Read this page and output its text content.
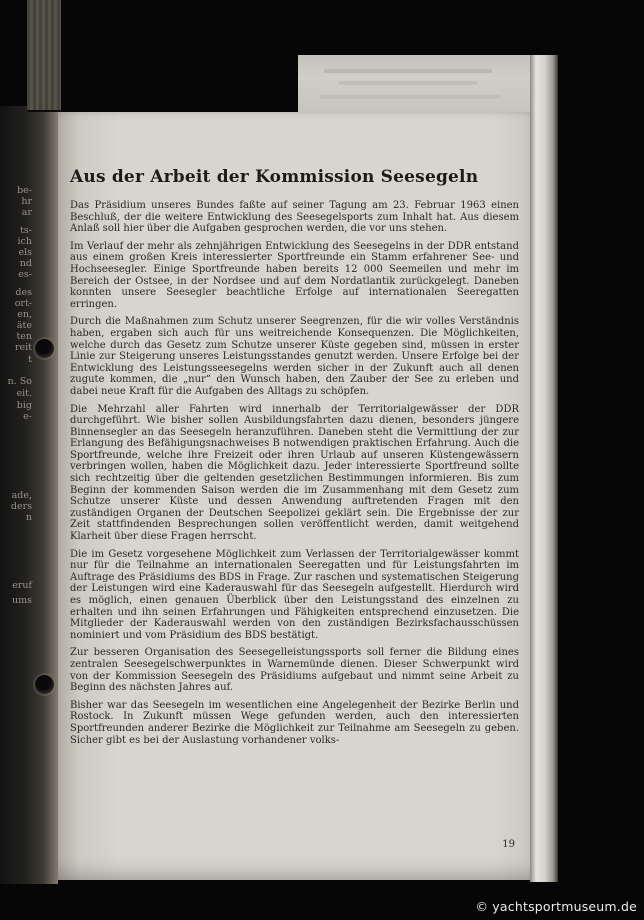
be-
hr
ar
ts-
ich
els
nd
es-
des
ort-
en,
äte
ten
reit
t
n. So
eit.
big
e-
ade,
ders
n
eruf
ums
Aus der Arbeit der Kommission Seesegeln

Das Präsidium unseres Bundes faßte auf seiner Tagung am 23. Februar 1963 einen Beschluß, der die weitere Entwicklung des Seesegelsports zum Inhalt hat. Aus diesem Anlaß soll hier über die Aufgaben gesprochen werden, die vor uns stehen.

Im Verlauf der mehr als zehnjährigen Entwicklung des Seesegelns in der DDR entstand aus einem großen Kreis interessierter Sportfreunde ein Stamm erfahrener See- und Hochseesegler. Einige Sportfreunde haben bereits 12 000 Seemeilen und mehr im Bereich der Ostsee, in der Nordsee und auf dem Nordatlantik zurückgelegt. Daneben konnten unsere Seesegler beachtliche Erfolge auf internationalen Seeregatten erringen.

Durch die Maßnahmen zum Schutz unserer Seegrenzen, für die wir volles Verständnis haben, ergaben sich auch für uns weitreichende Konsequenzen. Die Möglichkeiten, welche durch das Gesetz zum Schutze unserer Küste gegeben sind, müssen in erster Linie zur Steigerung unseres Leistungsstandes genutzt werden. Unsere Erfolge bei der Entwicklung des Leistungsseesegelns werden sicher in der Zukunft auch all denen zugute kommen, die „nur“ den Wunsch haben, den Zauber der See zu erleben und dabei neue Kraft für die Aufgaben des Alltags zu schöpfen.

Die Mehrzahl aller Fahrten wird innerhalb der Territorialgewässer der DDR durchgeführt. Wie bisher sollen Ausbildungsfahrten dazu dienen, besonders jüngere Binnensegler an das Seesegeln heranzuführen. Daneben steht die Vermittlung der zur Erlangung des Befähigungsnachweises B notwendigen praktischen Erfahrung. Auch die Sportfreunde, welche ihre Freizeit oder ihren Urlaub auf unseren Küstengewässern verbringen wollen, haben die Möglichkeit dazu. Jeder interessierte Sportfreund sollte sich rechtzeitig über die geltenden gesetzlichen Bestimmungen informieren. Bis zum Beginn der kommenden Saison werden die im Zusammenhang mit dem Gesetz zum Schutze unserer Küste und dessen Anwendung auftretenden Fragen mit den zuständigen Organen der Deutschen Seepolizei geklärt sein. Die Ergebnisse der zur Zeit stattfindenden Besprechungen sollen veröffentlicht werden, damit weitgehend Klarheit über diese Fragen herrscht.

Die im Gesetz vorgesehene Möglichkeit zum Verlassen der Territorialgewässer kommt nur für die Teilnahme an internationalen Seeregatten und für Leistungsfahrten im Auftrage des Präsidiums des BDS in Frage. Zur raschen und systematischen Steigerung der Leistungen wird eine Kaderauswahl für das Seesegeln aufgestellt. Hierdurch wird es möglich, einen genauen Überblick über den Leistungsstand des einzelnen zu erhalten und ihn seinen Erfahrungen und Fähigkeiten entsprechend einzusetzen. Die Mitglieder der Kaderauswahl werden von den zuständigen Bezirksfachausschüssen nominiert und vom Präsidium des BDS bestätigt.

Zur besseren Organisation des Seesegelleistungssports soll ferner die Bildung eines zentralen Seesegelschwerpunktes in Warnemünde dienen. Dieser Schwerpunkt wird von der Kommission Seesegeln des Präsidiums aufgebaut und nimmt seine Arbeit zu Beginn des nächsten Jahres auf.

Bisher war das Seesegeln im wesentlichen eine Angelegenheit der Bezirke Berlin und Rostock. In Zukunft müssen Wege gefunden werden, auch den interessierten Sportfreunden anderer Bezirke die Möglichkeit zur Teilnahme am Seesegeln zu geben. Sicher gibt es bei der Auslastung vorhandener volks-

19
© yachtsportmuseum.de
